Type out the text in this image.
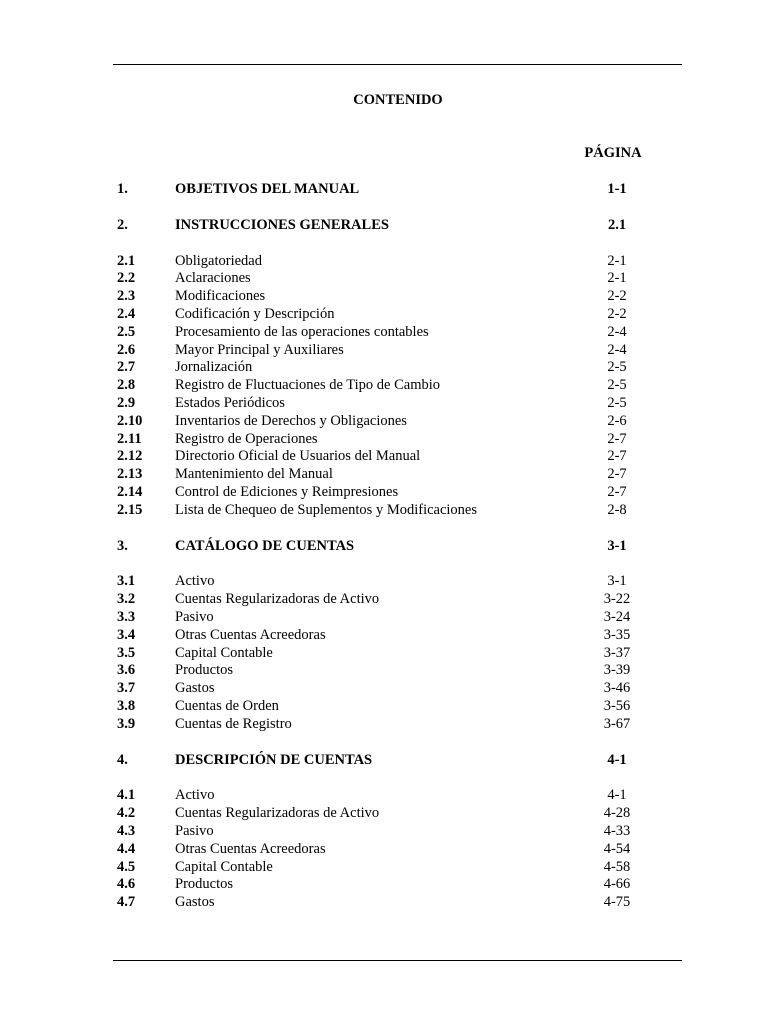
CONTENIDO
PÁGINA
1.	OBJETIVOS DEL MANUAL	1-1
2.	INSTRUCCIONES GENERALES	2.1
2.1	Obligatoriedad	2-1
2.2	Aclaraciones	2-1
2.3	Modificaciones	2-2
2.4	Codificación y Descripción	2-2
2.5	Procesamiento de las operaciones contables	2-4
2.6	Mayor Principal y Auxiliares	2-4
2.7	Jornalización	2-5
2.8	Registro de Fluctuaciones de Tipo de Cambio	2-5
2.9	Estados Periódicos	2-5
2.10 Inventarios de Derechos y Obligaciones	2-6
2.11 Registro de Operaciones	2-7
2.12 Directorio Oficial de Usuarios del Manual	2-7
2.13 Mantenimiento del Manual	2-7
2.14 Control de Ediciones y Reimpresiones	2-7
2.15 Lista de Chequeo de Suplementos y Modificaciones	2-8
3.	CATÁLOGO DE CUENTAS	3-1
3.1	Activo	3-1
3.2	Cuentas Regularizadoras de Activo	3-22
3.3	Pasivo	3-24
3.4	Otras Cuentas Acreedoras	3-35
3.5	Capital Contable	3-37
3.6	Productos	3-39
3.7	Gastos	3-46
3.8	Cuentas de Orden	3-56
3.9	Cuentas de Registro	3-67
4.	DESCRIPCIÓN DE CUENTAS	4-1
4.1	Activo	4-1
4.2	Cuentas Regularizadoras de Activo	4-28
4.3	Pasivo	4-33
4.4	Otras Cuentas Acreedoras	4-54
4.5	Capital Contable	4-58
4.6	Productos	4-66
4.7	Gastos	4-75
